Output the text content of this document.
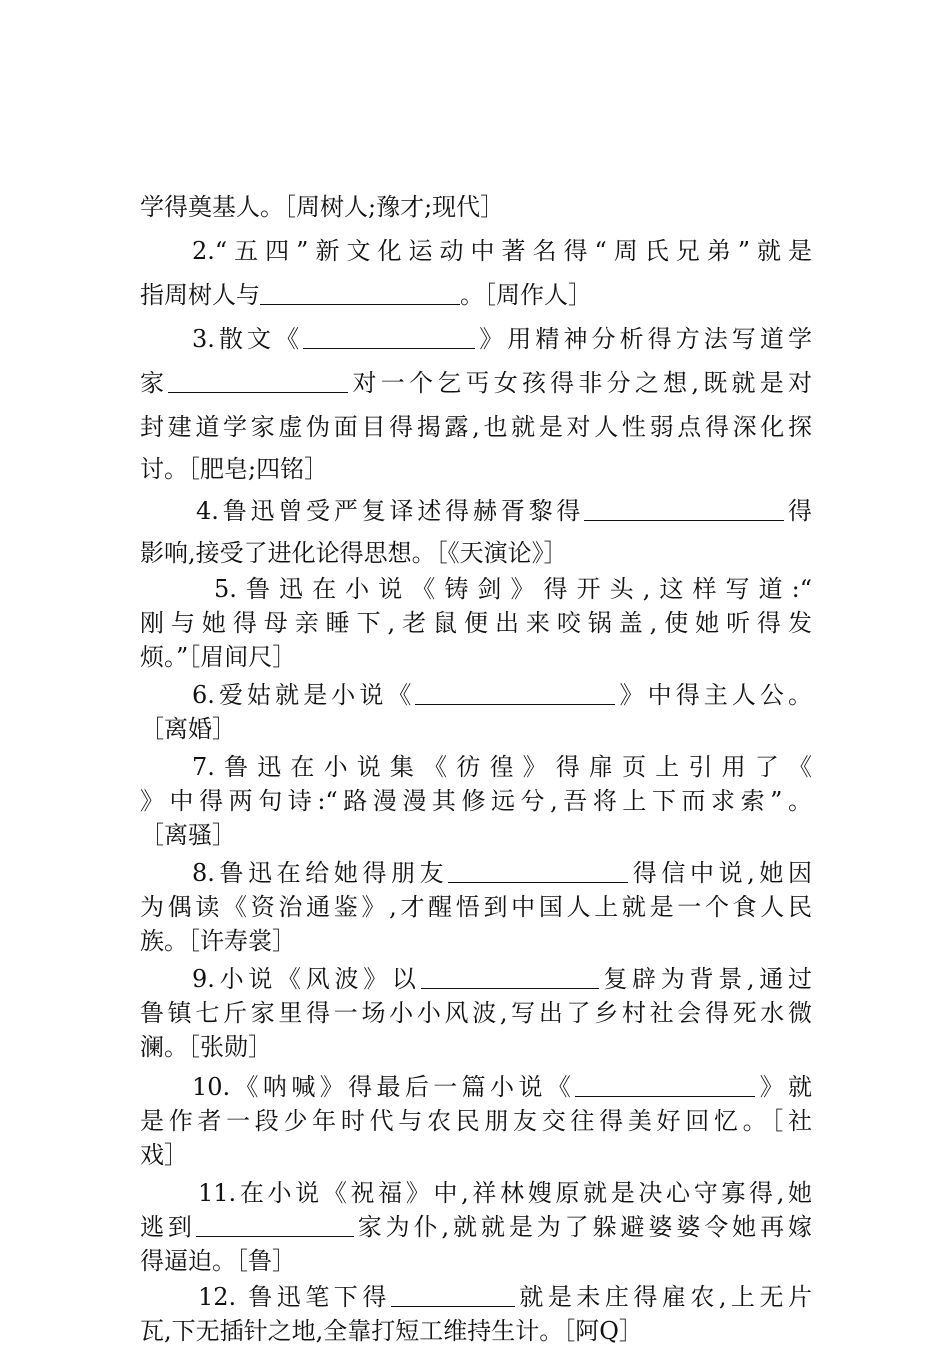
学得奠基人。［周树人;豫才;现代］
2.“五四”新文化运动中著名得“周氏兄弟”就是
指周树人与	。［周作人］
3.散文《	》用精神分析得方法写道学
家	对一个乞丐女孩得非分之想,既就是对
封建道学家虚伪面目得揭露,也就是对人性弱点得深化探
讨。［肥皂;四铭］
4.鲁迅曾受严复译述得赫胥黎得	得
影响,接受了进化论得思想。［《天演论》］
5.鲁迅在小说《铸剑》得开头,这样写道:“
刚与她得母亲睡下,老鼠便出来咬锅盖,使她听得发
烦。”［眉间尺］
6.爱姑就是小说《	》中得主人公。
［离婚］
7.鲁迅在小说集《彷徨》得扉页上引用了《
》中得两句诗:“路漫漫其修远兮,吾将上下而求索”。
［离骚］
8.鲁迅在给她得朋友	得信中说,她因
为偶读《资治通鉴》,才醒悟到中国人上就是一个食人民
族。［许寿裳］
9.小说《风波》以	复辟为背景,通过
鲁镇七斤家里得一场小小风波,写出了乡村社会得死水微
澜。［张勋］
10.《呐喊》得最后一篇小说《	》就
是作者一段少年时代与农民朋友交往得美好回忆。［社
戏］
11.在小说《祝福》中,祥林嫂原就是决心守寡得,她
逃到	家为仆,就就是为了躲避婆婆令她再嫁
得逼迫。［鲁］
12. 鲁迅笔下得	就是未庄得雇农,上无片
瓦,下无插针之地,全靠打短工维持生计。［阿Q］
